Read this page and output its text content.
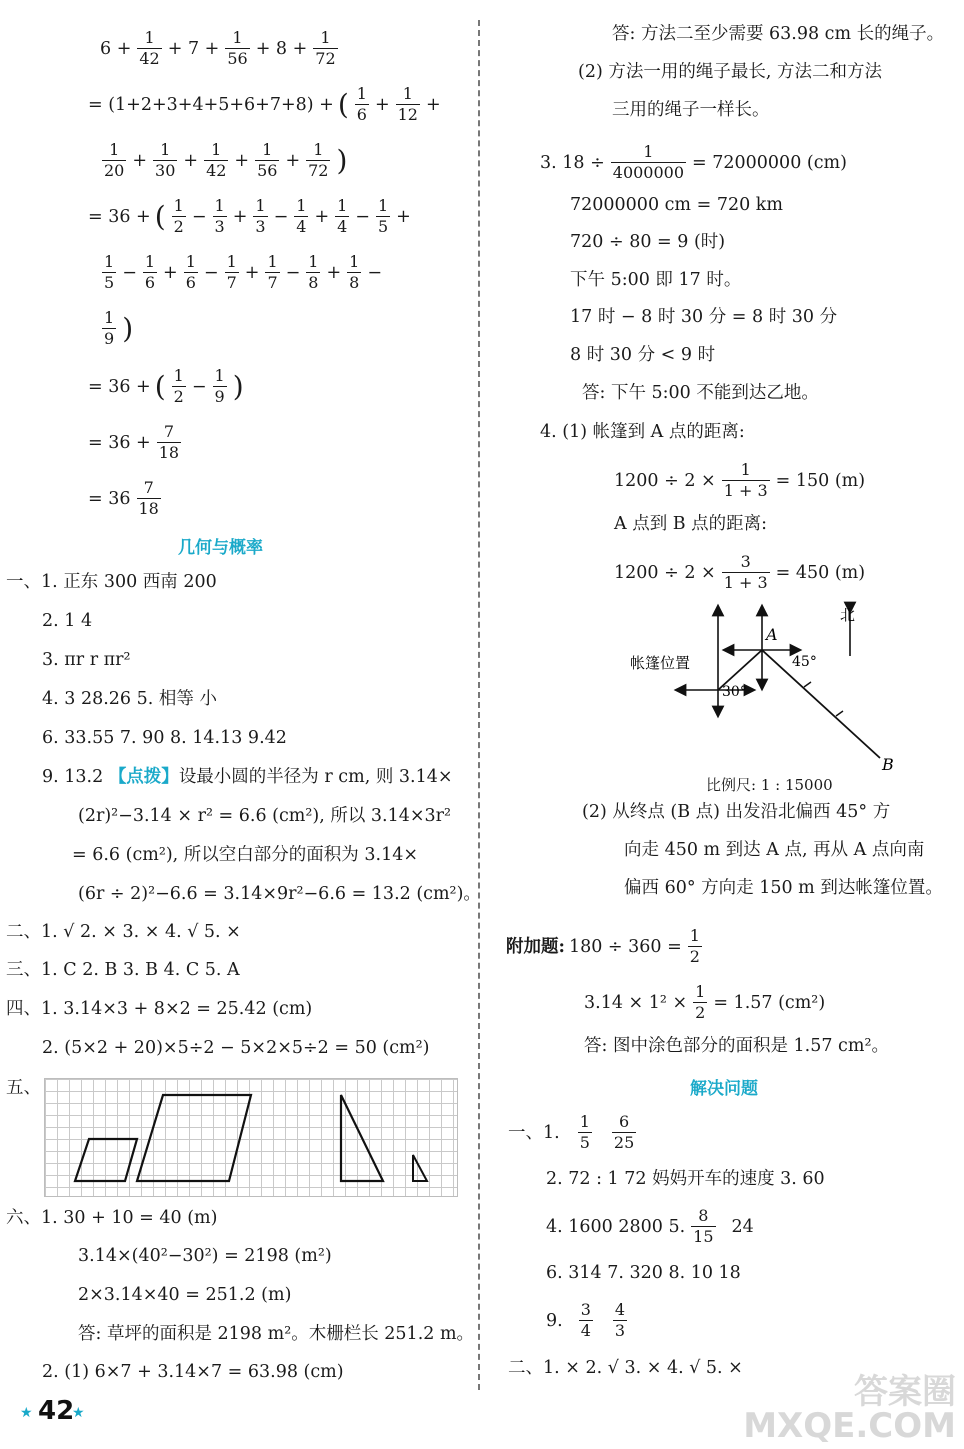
$6 + \frac{1}{42} + 7 + \frac{1}{56} + 8 + \frac{1}{72}$
= (1+2+3+4+5+6+7+8) + ( $\frac{1}{6} + \frac{1}{12}$ +
$\frac{1}{20} + \frac{1}{30} + \frac{1}{42} + \frac{1}{56} + \frac{1}{72}$ )
= 36 + ( $\frac{1}{2} - \frac{1}{3} + \frac{1}{3} - \frac{1}{4} + \frac{1}{4} - \frac{1}{5}$ +
$\frac{1}{5} - \frac{1}{6} + \frac{1}{6} - \frac{1}{7} + \frac{1}{7} - \frac{1}{8} + \frac{1}{8}$ −
$\frac{1}{9}$ )
= 36 + ( $\frac{1}{2} - \frac{1}{9}$ )
= $36 + \frac{7}{18}$
= $36 \frac{7}{18}$
几何与概率
一、1. 正东 300 西南 200
2. 1 4
3. πr r πr²
4. 3 28.26 5. 相等 小
6. 33.55 7. 90 8. 14.13 9.42
9. 13.2 【点拨】设最小圆的半径为 r cm, 则 3.14×
(2r)²−3.14 × r² = 6.6 (cm²), 所以 3.14×3r²
= 6.6 (cm²), 所以空白部分的面积为 3.14×
(6r ÷ 2)²−6.6 = 3.14×9r²−6.6 = 13.2 (cm²)。
二、1. √ 2. × 3. × 4. √ 5. ×
三、1. C 2. B 3. B 4. C 5. A
四、1. 3.14×3 + 8×2 = 25.42 (cm)
2. (5×2 + 20)×5÷2 − 5×2×5÷2 = 50 (cm²)
五、
六、1. 30 + 10 = 40 (m)
3.14×(40²−30²) = 2198 (m²)
2×3.14×40 = 251.2 (m)
答: 草坪的面积是 2198 m²。木栅栏长 251.2 m。
2. (1) 6×7 + 3.14×7 = 63.98 (cm)
★ 42
★
答: 方法二至少需要 63.98 cm 长的绳子。
(2) 方法一用的绳子最长, 方法二和方法
三用的绳子一样长。
3. $18 \div \frac{1}{4000000} = 72000000$ (cm)
72000000 cm = 720 km
720 ÷ 80 = 9 (时)
下午 5:00 即 17 时。
17 时 − 8 时 30 分 = 8 时 30 分
8 时 30 分 < 9 时
答: 下午 5:00 不能到达乙地。
4. (1) 帐篷到 A 点的距离:
$1200 \div 2 \times \frac{1}{1 + 3} = 150$ (m)
A 点到 B 点的距离:
$1200 \div 2 \times \frac{3}{1 + 3} = 450$ (m)
A
B
北
45°
30°
帐篷位置
比例尺: 1 : 15000
(2) 从终点 (B 点) 出发沿北偏西 45° 方
向走 450 m 到达 A 点, 再从 A 点向南
偏西 60° 方向走 150 m 到达帐篷位置。
附加题: $180 \div 360 = \frac{1}{2}$
$3.14 \times 1^2 \times \frac{1}{2} = 1.57$ (cm²)
答: 图中涂色部分的面积是 1.57 cm²。
解决问题
一、1. $\frac{1}{5} \frac{6}{25}$
2. 72 : 1 72 妈妈开车的速度 3. 60
4. 1600 2800 5. $\frac{8}{15} 24$
6. 314 7. 320 8. 10 18
9. $\frac{3}{4} \frac{4}{3}$
二、1. × 2. √ 3. × 4. √ 5. ×
答案圈
MXQE.COM
